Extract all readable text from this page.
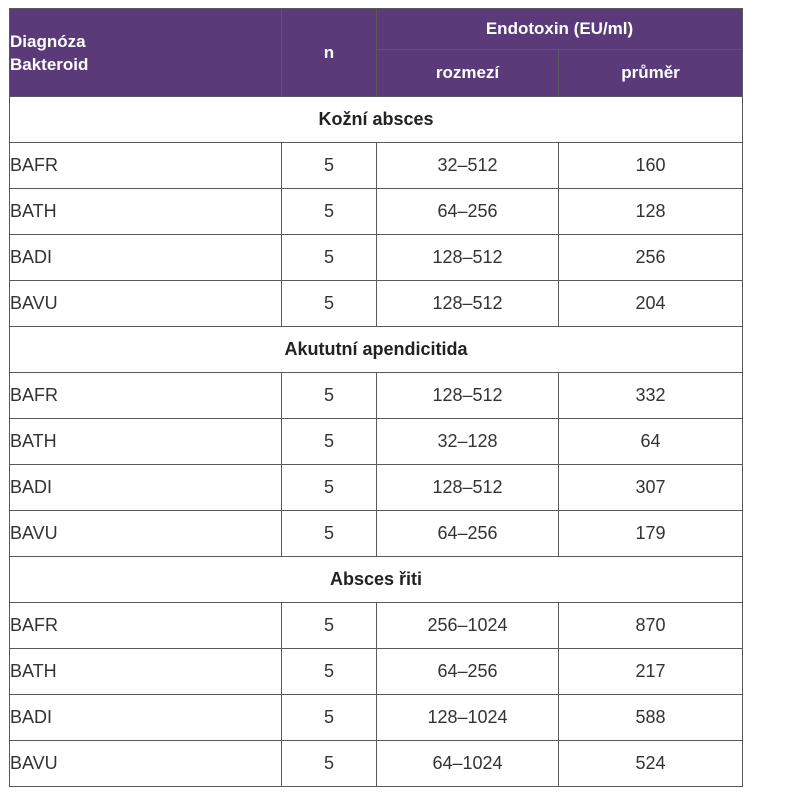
Diagnóza
Bakteroid	n	Endotoxin (EU/ml)	
		rozmezí	průměr
Kožní absces			
BAFR	5	32–512	160
BATH	5	64–256	128
BADI	5	128–512	256
BAVU	5	128–512	204
Akututní apendicitida			
BAFR	5	128–512	332
BATH	5	32–128	64
BADI	5	128–512	307
BAVU	5	64–256	179
Absces řiti			
BAFR	5	256–1024	870
BATH	5	64–256	217
BADI	5	128–1024	588
BAVU	5	64–1024	524
